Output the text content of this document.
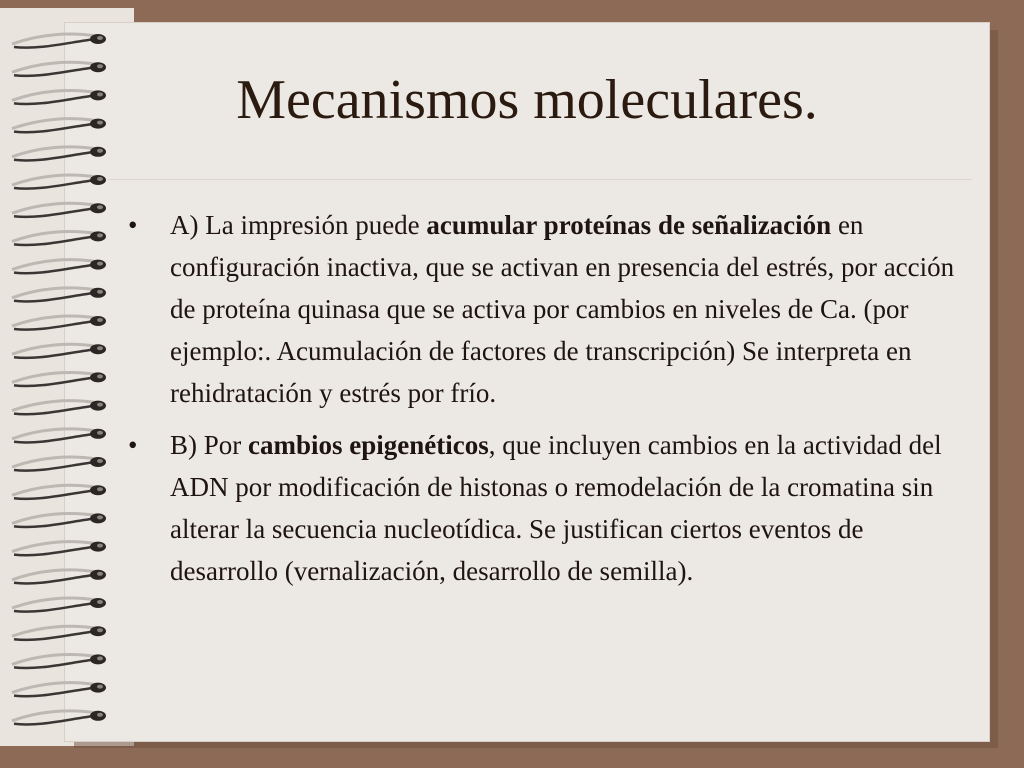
Mecanismos moleculares.
• A) La impresión puede acumular proteínas de señalización en configuración inactiva, que se activan en presencia del estrés, por acción de proteína quinasa que se activa por cambios en niveles de Ca. (por ejemplo:. Acumulación de factores de transcripción) Se interpreta en rehidratación y estrés por frío.
• B) Por cambios epigenéticos, que incluyen cambios en la actividad del ADN por modificación de histonas o remodelación de la cromatina sin alterar la secuencia nucleotídica. Se justifican ciertos eventos de desarrollo (vernalización, desarrollo de semilla).
